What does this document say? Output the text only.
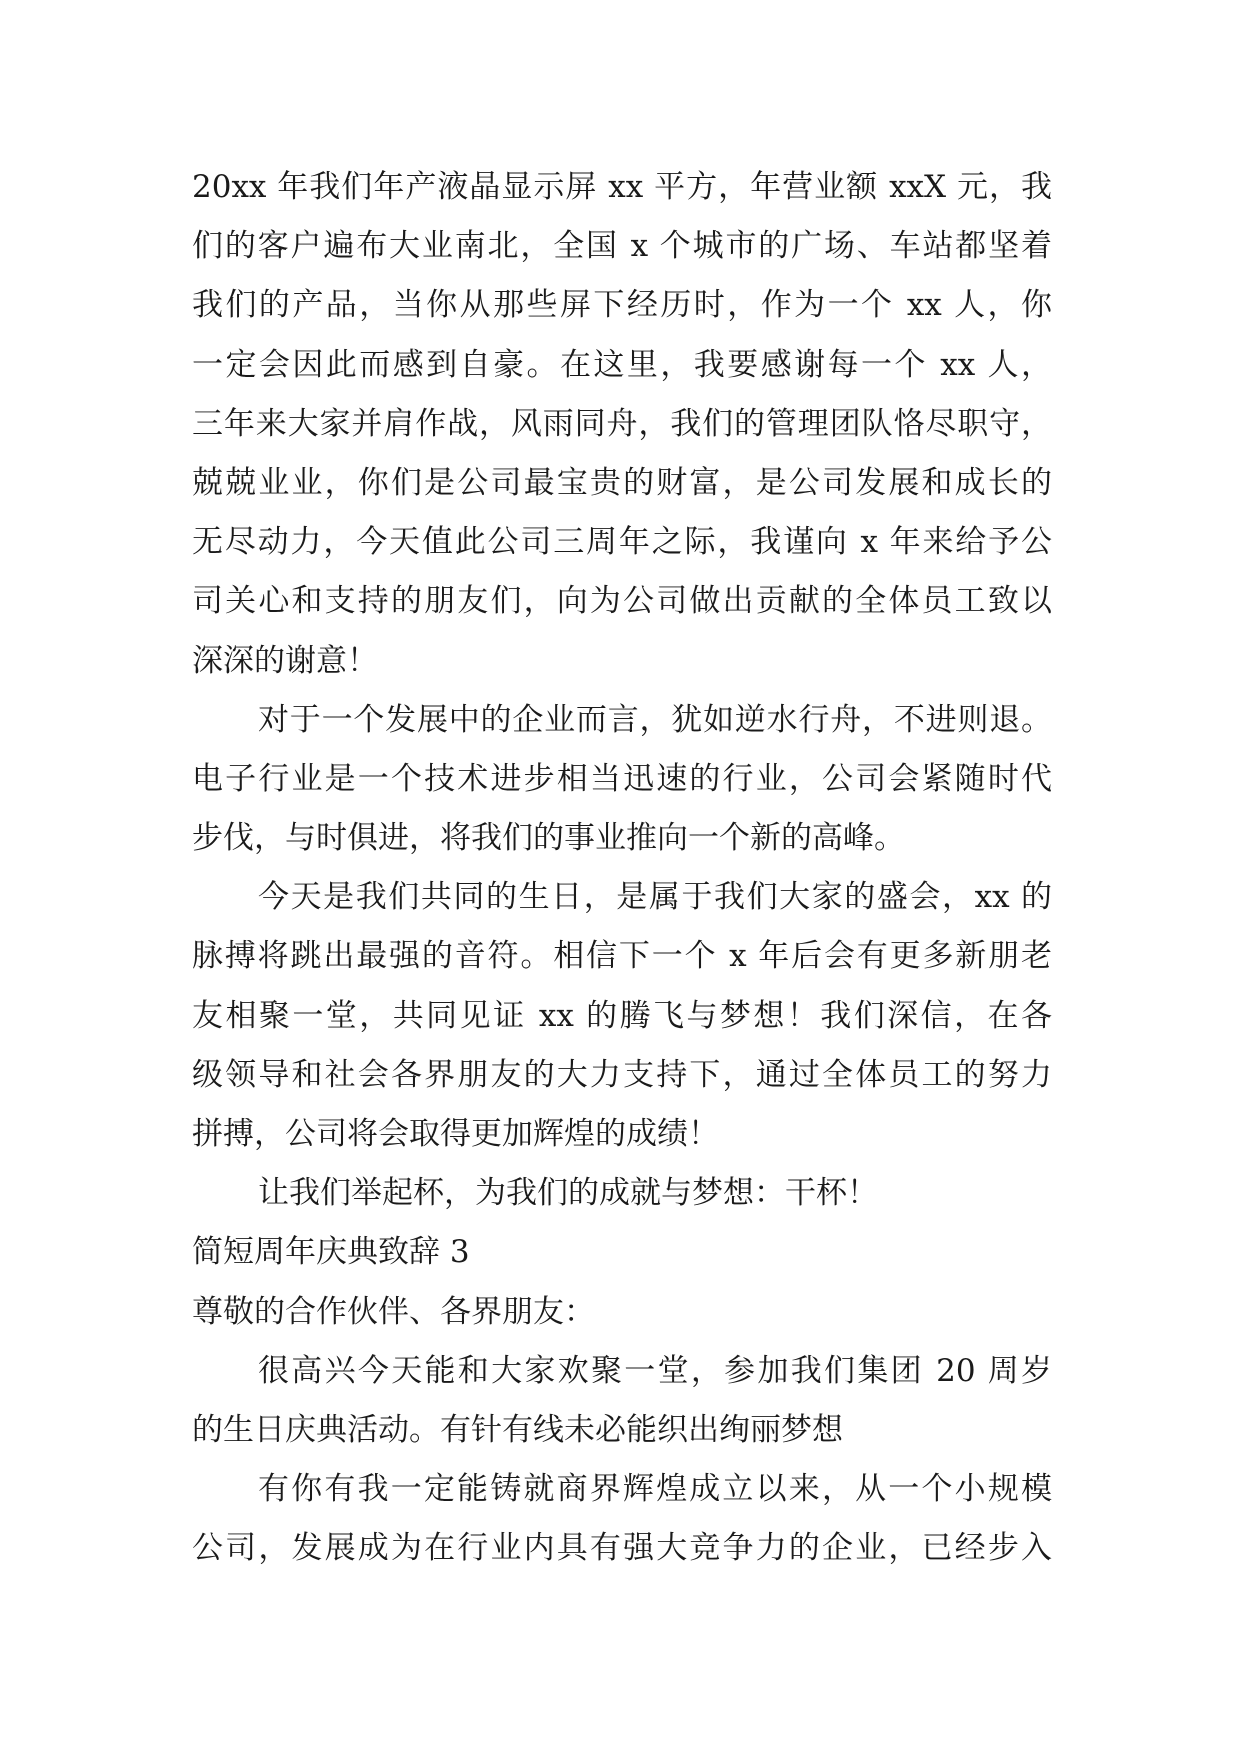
20xx 年我们年产液晶显示屏 xx 平方，年营业额 xxX 元，我
们的客户遍布大业南北，全国 x 个城市的广场、车站都坚着
我们的产品，当你从那些屏下经历时，作为一个 xx 人，你
一定会因此而感到自豪。在这里，我要感谢每一个 xx 人，
三年来大家并肩作战，风雨同舟，我们的管理团队恪尽职守，
兢兢业业，你们是公司最宝贵的财富，是公司发展和成长的
无尽动力，今天值此公司三周年之际，我谨向 x 年来给予公
司关心和支持的朋友们，向为公司做出贡献的全体员工致以
深深的谢意！
对于一个发展中的企业而言，犹如逆水行舟，不进则退。
电子行业是一个技术进步相当迅速的行业，公司会紧随时代
步伐，与时俱进，将我们的事业推向一个新的高峰。
今天是我们共同的生日，是属于我们大家的盛会，xx 的
脉搏将跳出最强的音符。相信下一个 x 年后会有更多新朋老
友相聚一堂，共同见证 xx 的腾飞与梦想！我们深信，在各
级领导和社会各界朋友的大力支持下，通过全体员工的努力
拼搏，公司将会取得更加辉煌的成绩！
让我们举起杯，为我们的成就与梦想：干杯！
简短周年庆典致辞 3
尊敬的合作伙伴、各界朋友：
很高兴今天能和大家欢聚一堂，参加我们集团 20 周岁
的生日庆典活动。有针有线未必能织出绚丽梦想
有你有我一定能铸就商界辉煌成立以来，从一个小规模
公司，发展成为在行业内具有强大竞争力的企业，已经步入
